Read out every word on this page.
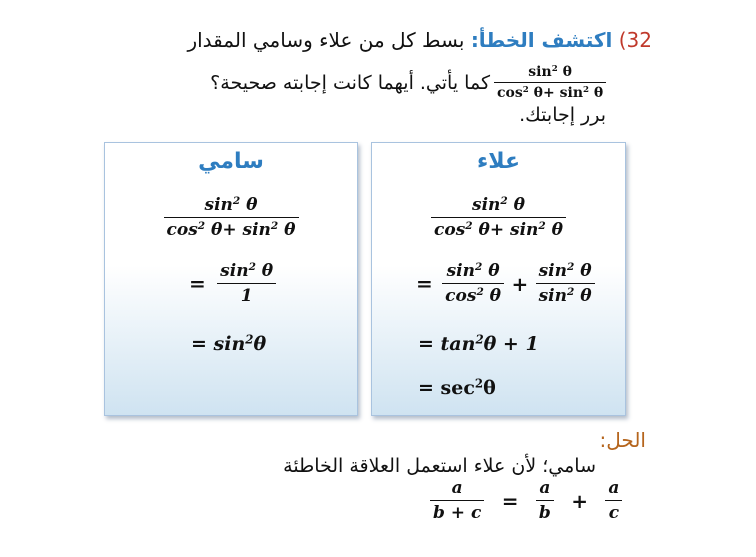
32) اكتشف الخطأ: بسط كل من علاء وسامي المقدار
$\frac{\sin^2 \theta}{\cos^2 \theta+ \sin^2 \theta}$
كما يأتي. أيهما كانت إجابته صحيحة؟
برر إجابتك.
سامي
$\frac{\sin^2 \theta}{\cos^2 \theta+ \sin^2 \theta}$
= $\frac{\sin^2 \theta}{1}$
= $\sin^2\theta$
علاء
$\frac{\sin^2 \theta}{\cos^2 \theta+ \sin^2 \theta}$
= $\frac{\sin^2 \theta}{\cos^2 \theta} + \frac{\sin^2 \theta}{\sin^2 \theta}$
= $\tan^2\theta + 1$
= $\sec^2\theta$
الحل:
سامي؛ لأن علاء استعمل العلاقة الخاطئة
$\frac{a}{b + c} = \frac{a}{b} + \frac{a}{c}$
